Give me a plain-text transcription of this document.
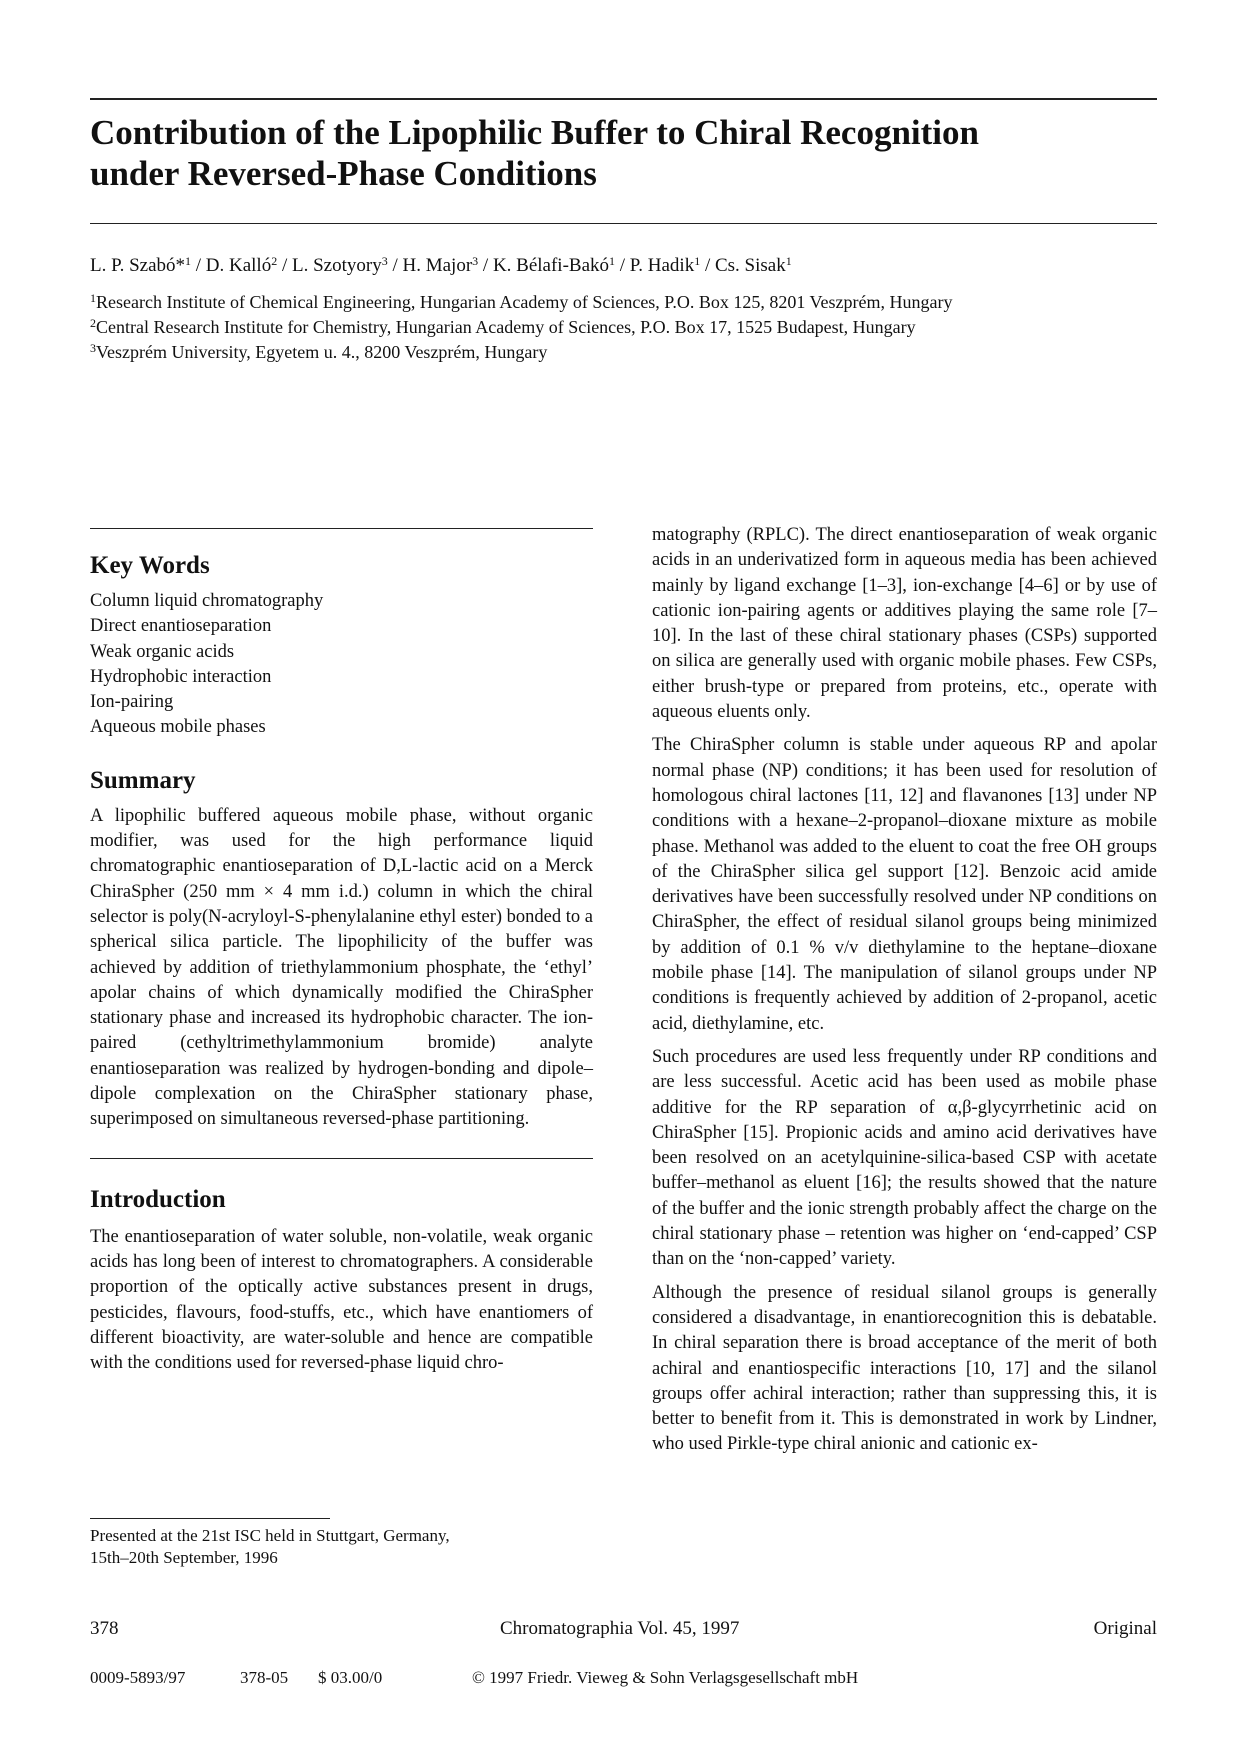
Contribution of the Lipophilic Buffer to Chiral Recognition
under Reversed-Phase Conditions
L. P. Szabó*$^1$ / D. Kalló$^2$ / L. Szotyory$^3$ / H. Major$^3$ / K. Bélafi-Bakó$^1$ / P. Hadik$^1$ / Cs. Sisak$^1$
$^1$Research Institute of Chemical Engineering, Hungarian Academy of Sciences, P.O. Box 125, 8201 Veszprém, Hungary
$^2$Central Research Institute for Chemistry, Hungarian Academy of Sciences, P.O. Box 17, 1525 Budapest, Hungary
$^3$Veszprém University, Egyetem u. 4., 8200 Veszprém, Hungary
Key Words
Column liquid chromatography
Direct enantioseparation
Weak organic acids
Hydrophobic interaction
Ion-pairing
Aqueous mobile phases
Summary

A lipophilic buffered aqueous mobile phase, without organic modifier, was used for the high performance liquid chromatographic enantioseparation of D,L-lactic acid on a Merck ChiraSpher (250 mm × 4 mm i.d.) column in which the chiral selector is poly(N-acryloyl-S-phenylalanine ethyl ester) bonded to a spherical silica particle. The lipophilicity of the buffer was achieved by addition of triethylammonium phosphate, the ‘ethyl’ apolar chains of which dynamically modified the ChiraSpher stationary phase and increased its hydrophobic character. The ion-paired (cethyltrimethylammonium bromide) analyte enantioseparation was realized by hydrogen-bonding and dipole–dipole complexation on the ChiraSpher stationary phase, superimposed on simultaneous reversed-phase partitioning.

Introduction

The enantioseparation of water soluble, non-volatile, weak organic acids has long been of interest to chromatographers. A considerable proportion of the optically active substances present in drugs, pesticides, flavours, food-stuffs, etc., which have enantiomers of different bioactivity, are water-soluble and hence are compatible with the conditions used for reversed-phase liquid chro-

matography (RPLC). The direct enantioseparation of weak organic acids in an underivatized form in aqueous media has been achieved mainly by ligand exchange [1–3], ion-exchange [4–6] or by use of cationic ion-pairing agents or additives playing the same role [7–10]. In the last of these chiral stationary phases (CSPs) supported on silica are generally used with organic mobile phases. Few CSPs, either brush-type or prepared from proteins, etc., operate with aqueous eluents only.

The ChiraSpher column is stable under aqueous RP and apolar normal phase (NP) conditions; it has been used for resolution of homologous chiral lactones [11, 12] and flavanones [13] under NP conditions with a hexane–2-propanol–dioxane mixture as mobile phase. Methanol was added to the eluent to coat the free OH groups of the ChiraSpher silica gel support [12]. Benzoic acid amide derivatives have been successfully resolved under NP conditions on ChiraSpher, the effect of residual silanol groups being minimized by addition of 0.1 % v/v diethylamine to the heptane–dioxane mobile phase [14]. The manipulation of silanol groups under NP conditions is frequently achieved by addition of 2-propanol, acetic acid, diethylamine, etc.

Such procedures are used less frequently under RP conditions and are less successful. Acetic acid has been used as mobile phase additive for the RP separation of α,β-glycyrrhetinic acid on ChiraSpher [15]. Propionic acids and amino acid derivatives have been resolved on an acetylquinine-silica-based CSP with acetate buffer–methanol as eluent [16]; the results showed that the nature of the buffer and the ionic strength probably affect the charge on the chiral stationary phase – retention was higher on ‘end-capped’ CSP than on the ‘non-capped’ variety.

Although the presence of residual silanol groups is generally considered a disadvantage, in enantiorecognition this is debatable. In chiral separation there is broad acceptance of the merit of both achiral and enantiospecific interactions [10, 17] and the silanol groups offer achiral interaction; rather than suppressing this, it is better to benefit from it. This is demonstrated in work by Lindner, who used Pirkle-type chiral anionic and cationic ex-

Presented at the 21st ISC held in Stuttgart, Germany,
15th–20th September, 1996
378	Chromatographia Vol. 45, 1997	Original
0009-5893/97	378-05 $ 03.00/0	© 1997 Friedr. Vieweg & Sohn Verlagsgesellschaft mbH
